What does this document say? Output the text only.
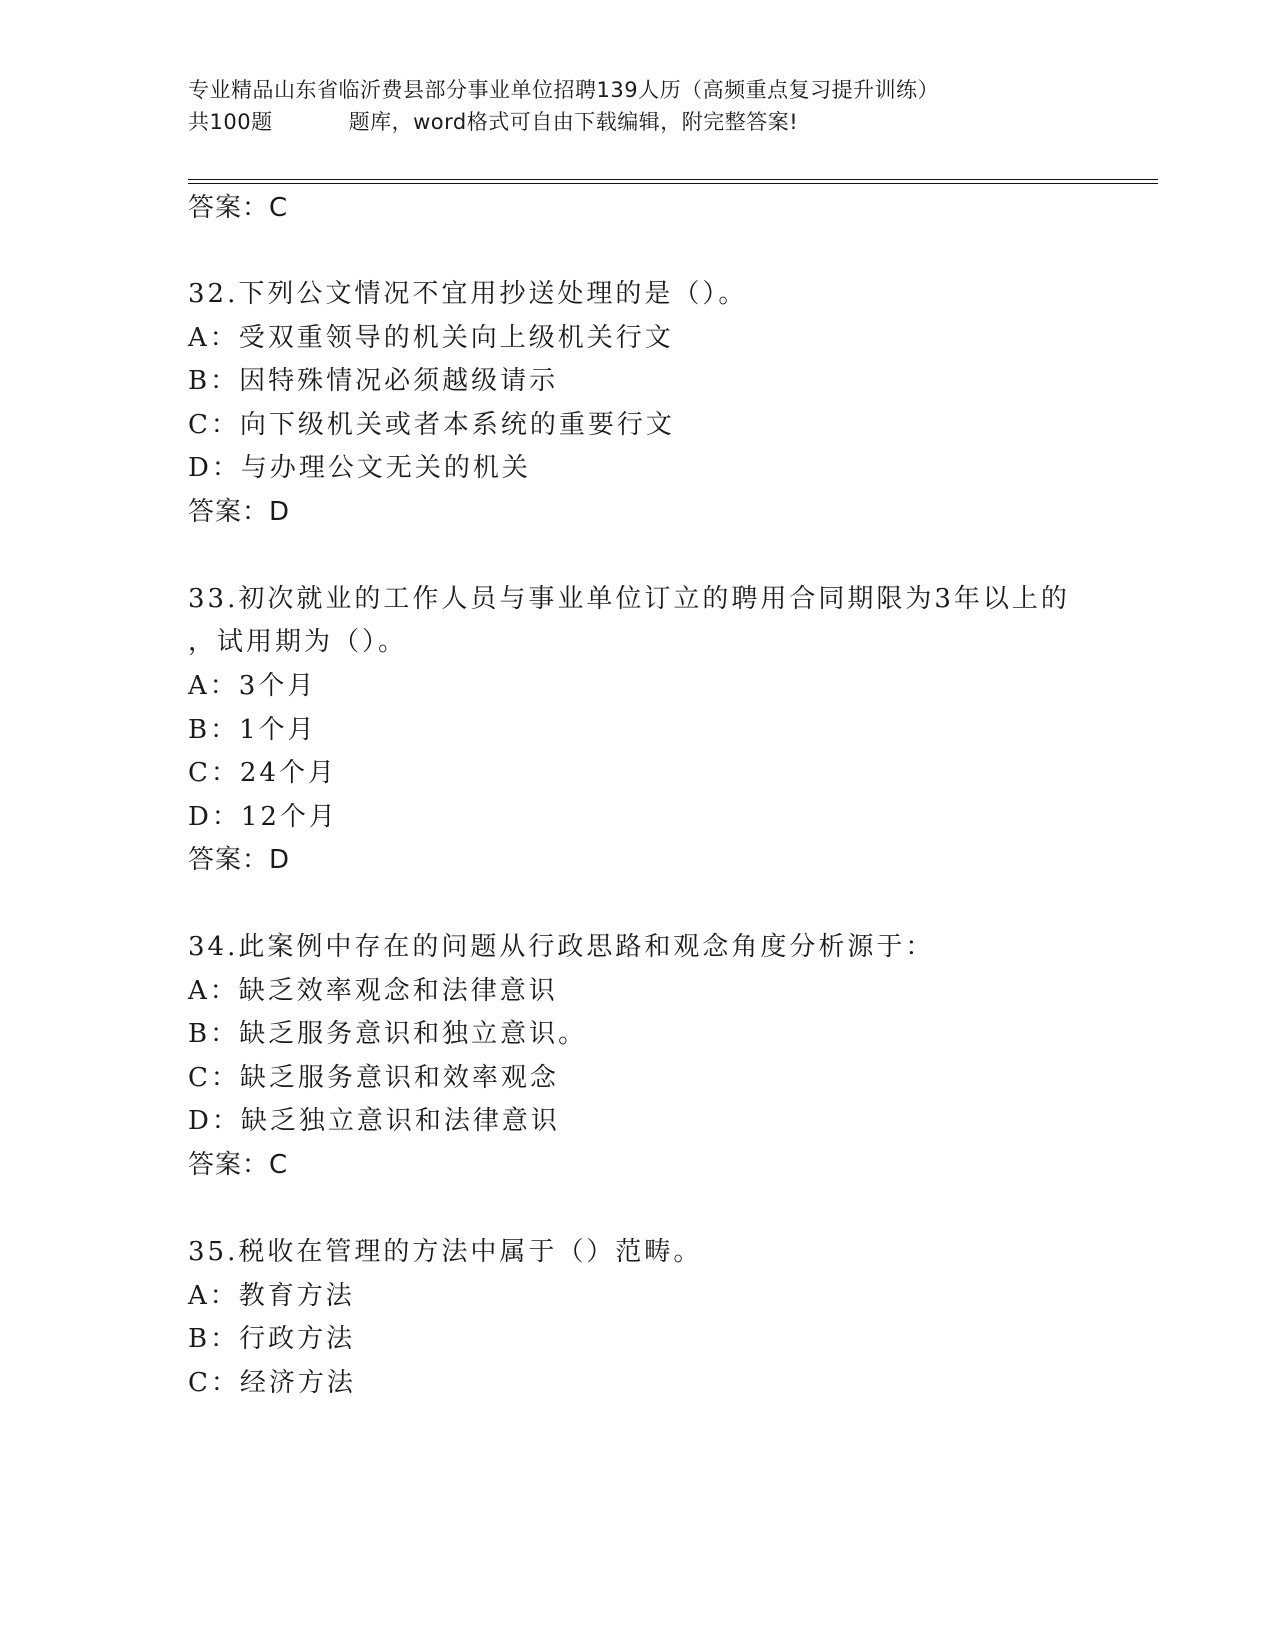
专业精品山东省临沂费县部分事业单位招聘139人历（高频重点复习提升训练）
共100题	题库，word格式可自由下载编辑，附完整答案!
答案：C
32.下列公文情况不宜用抄送处理的是（）。
A：受双重领导的机关向上级机关行文
B：因特殊情况必须越级请示
C：向下级机关或者本系统的重要行文
D：与办理公文无关的机关
答案：D
33.初次就业的工作人员与事业单位订立的聘用合同期限为3年以上的
，试用期为（）。
A：3个月
B：1个月
C：24个月
D：12个月
答案：D
34.此案例中存在的问题从行政思路和观念角度分析源于：
A：缺乏效率观念和法律意识
B：缺乏服务意识和独立意识。
C：缺乏服务意识和效率观念
D：缺乏独立意识和法律意识
答案：C
35.税收在管理的方法中属于（）范畴。
A：教育方法
B：行政方法
C：经济方法
